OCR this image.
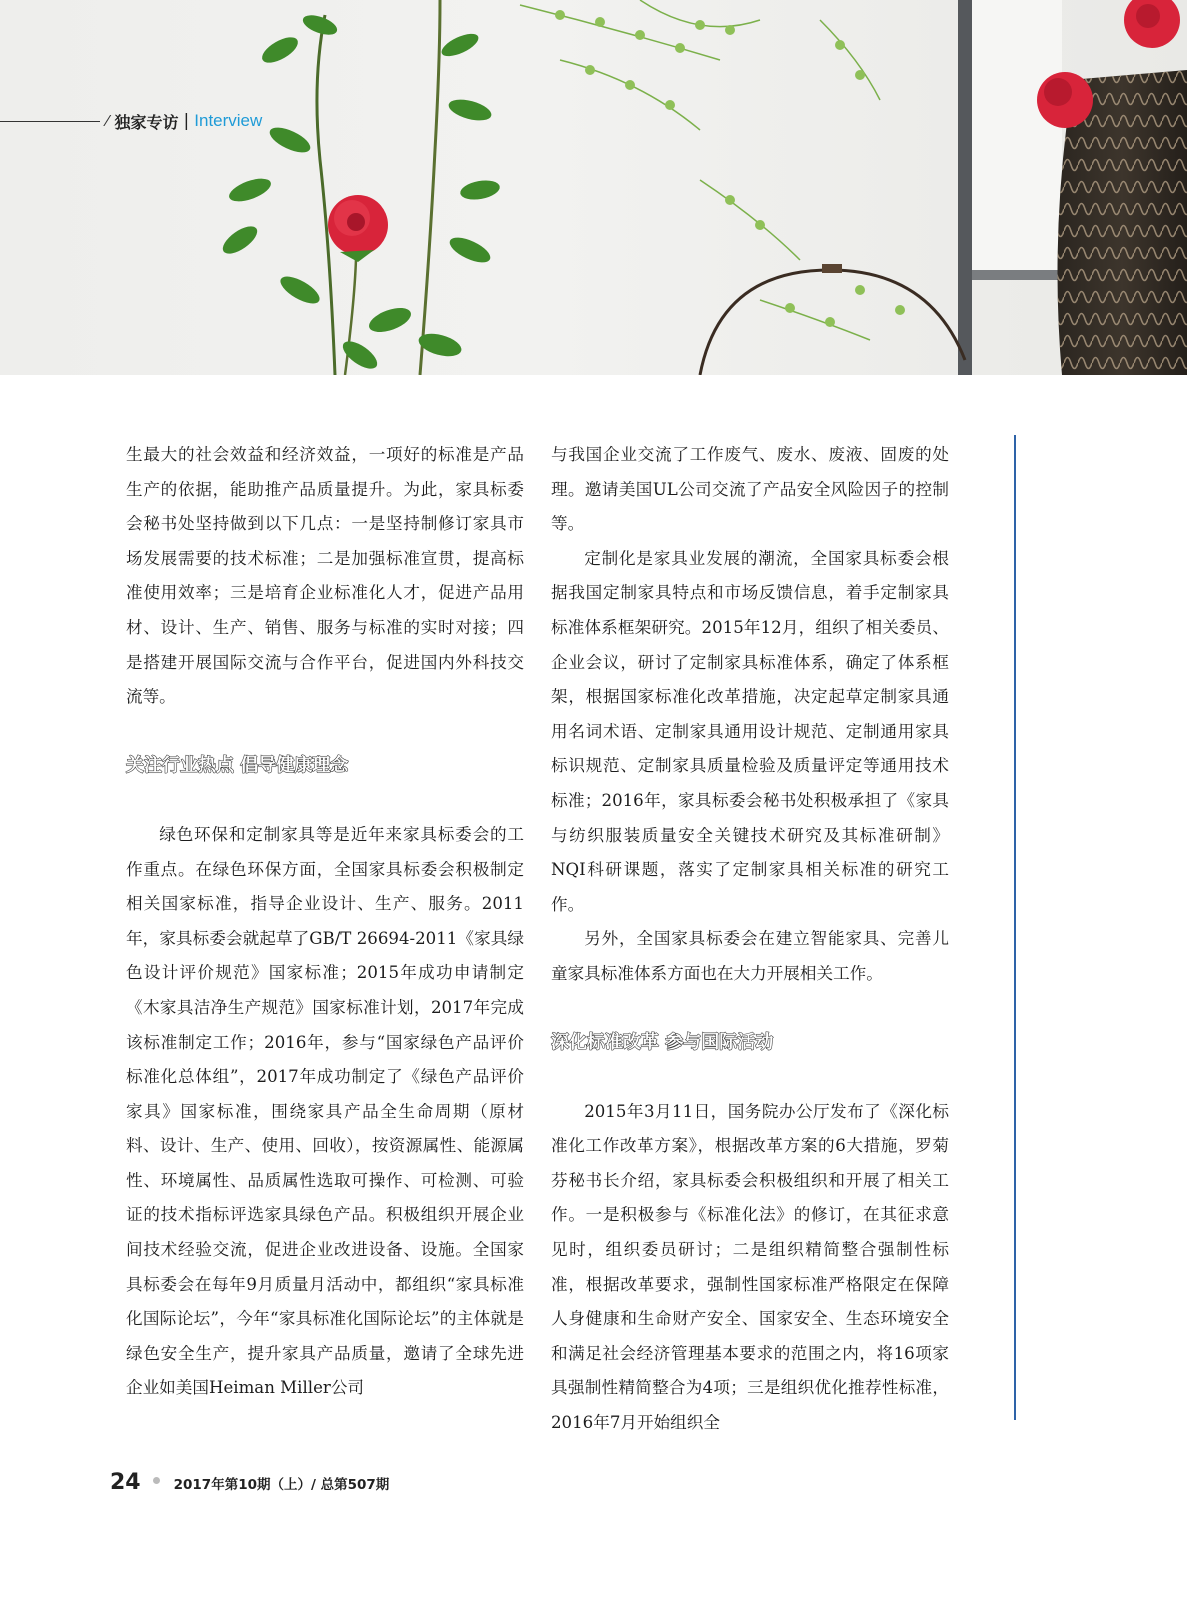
⁄ 独家专访 | Interview

生最大的社会效益和经济效益，一项好的标准是产品生产的依据，能助推产品质量提升。为此，家具标委会秘书处坚持做到以下几点：一是坚持制修订家具市场发展需要的技术标准；二是加强标准宣贯，提高标准使用效率；三是培育企业标准化人才，促进产品用材、设计、生产、销售、服务与标准的实时对接；四是搭建开展国际交流与合作平台，促进国内外科技交流等。

关注行业热点 倡导健康理念

绿色环保和定制家具等是近年来家具标委会的工作重点。在绿色环保方面，全国家具标委会积极制定相关国家标准，指导企业设计、生产、服务。2011年，家具标委会就起草了GB/T 26694-2011《家具绿色设计评价规范》国家标准；2015年成功申请制定《木家具洁净生产规范》国家标准计划，2017年完成该标准制定工作；2016年，参与“国家绿色产品评价标准化总体组”，2017年成功制定了《绿色产品评价家具》国家标准，围绕家具产品全生命周期（原材料、设计、生产、使用、回收），按资源属性、能源属性、环境属性、品质属性选取可操作、可检测、可验证的技术指标评选家具绿色产品。积极组织开展企业间技术经验交流，促进企业改进设备、设施。全国家具标委会在每年9月质量月活动中，都组织“家具标准化国际论坛”，今年“家具标准化国际论坛”的主体就是绿色安全生产，提升家具产品质量，邀请了全球先进企业如美国Heiman Miller公司

与我国企业交流了工作废气、废水、废液、固废的处理。邀请美国UL公司交流了产品安全风险因子的控制等。

定制化是家具业发展的潮流，全国家具标委会根据我国定制家具特点和市场反馈信息，着手定制家具标准体系框架研究。2015年12月，组织了相关委员、企业会议，研讨了定制家具标准体系，确定了体系框架，根据国家标准化改革措施，决定起草定制家具通用名词术语、定制家具通用设计规范、定制通用家具标识规范、定制家具质量检验及质量评定等通用技术标准；2016年，家具标委会秘书处积极承担了《家具与纺织服装质量安全关键技术研究及其标准研制》NQI科研课题，落实了定制家具相关标准的研究工作。

另外，全国家具标委会在建立智能家具、完善儿童家具标准体系方面也在大力开展相关工作。

深化标准改革 参与国际活动

2015年3月11日，国务院办公厅发布了《深化标准化工作改革方案》，根据改革方案的6大措施，罗菊芬秘书长介绍，家具标委会积极组织和开展了相关工作。一是积极参与《标准化法》的修订，在其征求意见时，组织委员研讨；二是组织精简整合强制性标准，根据改革要求，强制性国家标准严格限定在保障人身健康和生命财产安全、国家安全、生态环境安全和满足社会经济管理基本要求的范围之内，将16项家具强制性精简整合为4项；三是组织优化推荐性标准，2016年7月开始组织全

24 2017年第10期（上）/ 总第507期
